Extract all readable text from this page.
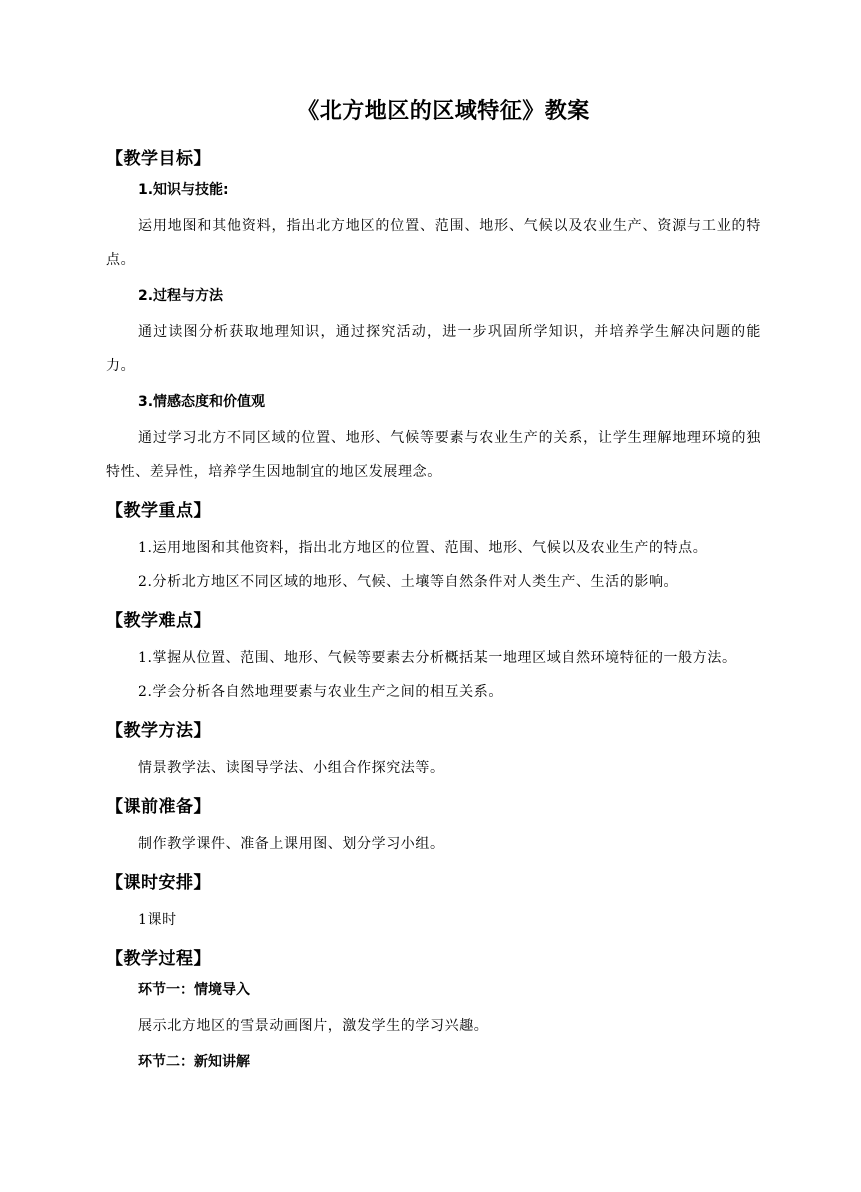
《北方地区的区域特征》教案
【教学目标】
1.知识与技能:

运用地图和其他资料，指出北方地区的位置、范围、地形、气候以及农业生产、资源与工业的特点。

2.过程与方法

通过读图分析获取地理知识，通过探究活动，进一步巩固所学知识，并培养学生解决问题的能力。

3.情感态度和价值观

通过学习北方不同区域的位置、地形、气候等要素与农业生产的关系，让学生理解地理环境的独特性、差异性，培养学生因地制宜的地区发展理念。

【教学重点】

1.运用地图和其他资料，指出北方地区的位置、范围、地形、气候以及农业生产的特点。

2.分析北方地区不同区域的地形、气候、土壤等自然条件对人类生产、生活的影响。

【教学难点】

1.掌握从位置、范围、地形、气候等要素去分析概括某一地理区域自然环境特征的一般方法。

2.学会分析各自然地理要素与农业生产之间的相互关系。

【教学方法】

情景教学法、读图导学法、小组合作探究法等。

【课前准备】

制作教学课件、准备上课用图、划分学习小组。

【课时安排】

1课时

【教学过程】
环节一：情境导入

展示北方地区的雪景动画图片，激发学生的学习兴趣。

环节二：新知讲解
